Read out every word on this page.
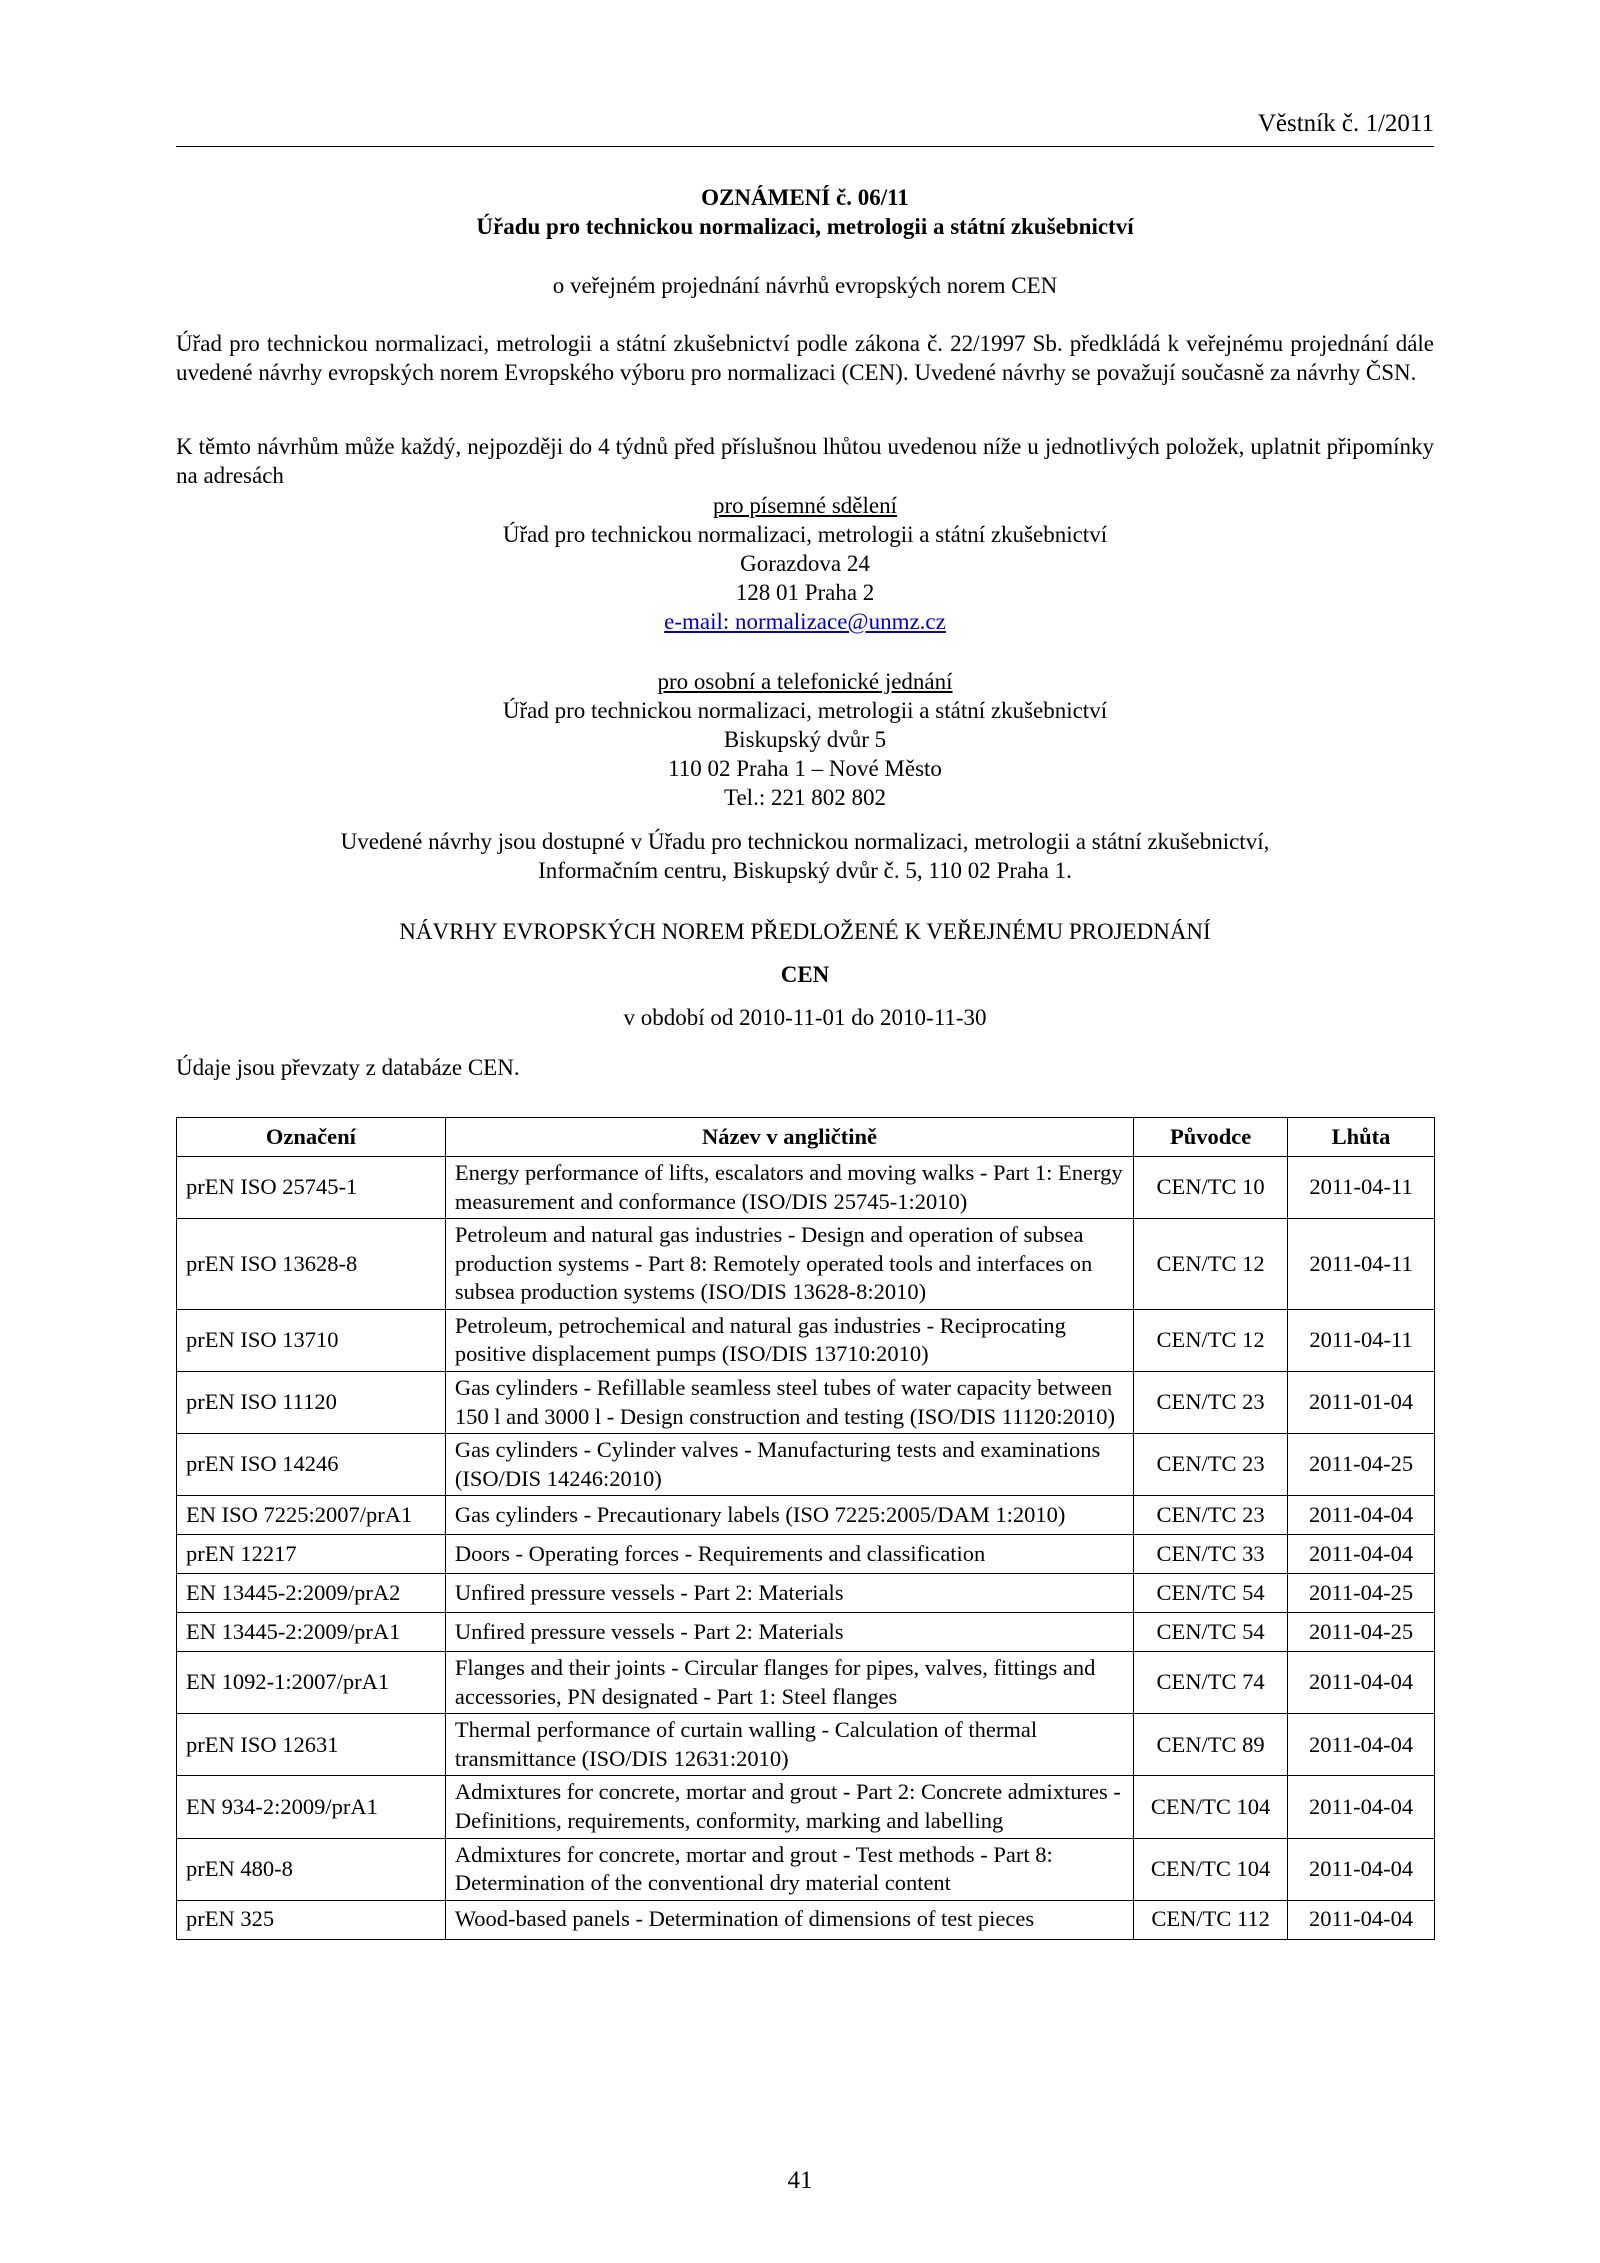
Věstník č. 1/2011
OZNÁMENÍ č. 06/11
Úřadu pro technickou normalizaci, metrologii a státní zkušebnictví
o veřejném projednání návrhů evropských norem CEN
Úřad pro technickou normalizaci, metrologii a státní zkušebnictví podle zákona č. 22/1997 Sb. předkládá k veřejnému projednání dále uvedené návrhy evropských norem Evropského výboru pro normalizaci (CEN). Uvedené návrhy se považují současně za návrhy ČSN.
K těmto návrhům může každý, nejpozději do 4 týdnů před příslušnou lhůtou uvedenou níže u jednotlivých položek, uplatnit připomínky na adresách
pro písemné sdělení
Úřad pro technickou normalizaci, metrologii a státní zkušebnictví
Gorazdova 24
128 01 Praha 2
e-mail: normalizace@unmz.cz
pro osobní a telefonické jednání
Úřad pro technickou normalizaci, metrologii a státní zkušebnictví
Biskupský dvůr 5
110 02 Praha 1 – Nové Město
Tel.: 221 802 802
Uvedené návrhy jsou dostupné v Úřadu pro technickou normalizaci, metrologii a státní zkušebnictví,
Informačním centru, Biskupský dvůr č. 5, 110 02 Praha 1.
NÁVRHY EVROPSKÝCH NOREM PŘEDLOŽENÉ K VEŘEJNÉMU PROJEDNÁNÍ
CEN
v období od 2010-11-01 do 2010-11-30
Údaje jsou převzaty z databáze CEN.
Označení	Název v angličtině	Původce	Lhůta
prEN ISO 25745-1	Energy performance of lifts, escalators and moving walks - Part 1: Energy measurement and conformance (ISO/DIS 25745-1:2010)	CEN/TC 10	2011-04-11
prEN ISO 13628-8	Petroleum and natural gas industries - Design and operation of subsea production systems - Part 8: Remotely operated tools and interfaces on subsea production systems (ISO/DIS 13628-8:2010)	CEN/TC 12	2011-04-11
prEN ISO 13710	Petroleum, petrochemical and natural gas industries - Reciprocating positive displacement pumps (ISO/DIS 13710:2010)	CEN/TC 12	2011-04-11
prEN ISO 11120	Gas cylinders - Refillable seamless steel tubes of water capacity between 150 l and 3000 l - Design construction and testing (ISO/DIS 11120:2010)	CEN/TC 23	2011-01-04
prEN ISO 14246	Gas cylinders - Cylinder valves - Manufacturing tests and examinations (ISO/DIS 14246:2010)	CEN/TC 23	2011-04-25
EN ISO 7225:2007/prA1	Gas cylinders - Precautionary labels (ISO 7225:2005/DAM 1:2010)	CEN/TC 23	2011-04-04
prEN 12217	Doors - Operating forces - Requirements and classification	CEN/TC 33	2011-04-04
EN 13445-2:2009/prA2	Unfired pressure vessels - Part 2: Materials	CEN/TC 54	2011-04-25
EN 13445-2:2009/prA1	Unfired pressure vessels - Part 2: Materials	CEN/TC 54	2011-04-25
EN 1092-1:2007/prA1	Flanges and their joints - Circular flanges for pipes, valves, fittings and accessories, PN designated - Part 1: Steel flanges	CEN/TC 74	2011-04-04
prEN ISO 12631	Thermal performance of curtain walling - Calculation of thermal transmittance (ISO/DIS 12631:2010)	CEN/TC 89	2011-04-04
EN 934-2:2009/prA1	Admixtures for concrete, mortar and grout - Part 2: Concrete admixtures - Definitions, requirements, conformity, marking and labelling	CEN/TC 104	2011-04-04
prEN 480-8	Admixtures for concrete, mortar and grout - Test methods - Part 8: Determination of the conventional dry material content	CEN/TC 104	2011-04-04
prEN 325	Wood-based panels - Determination of dimensions of test pieces	CEN/TC 112	2011-04-04
41
